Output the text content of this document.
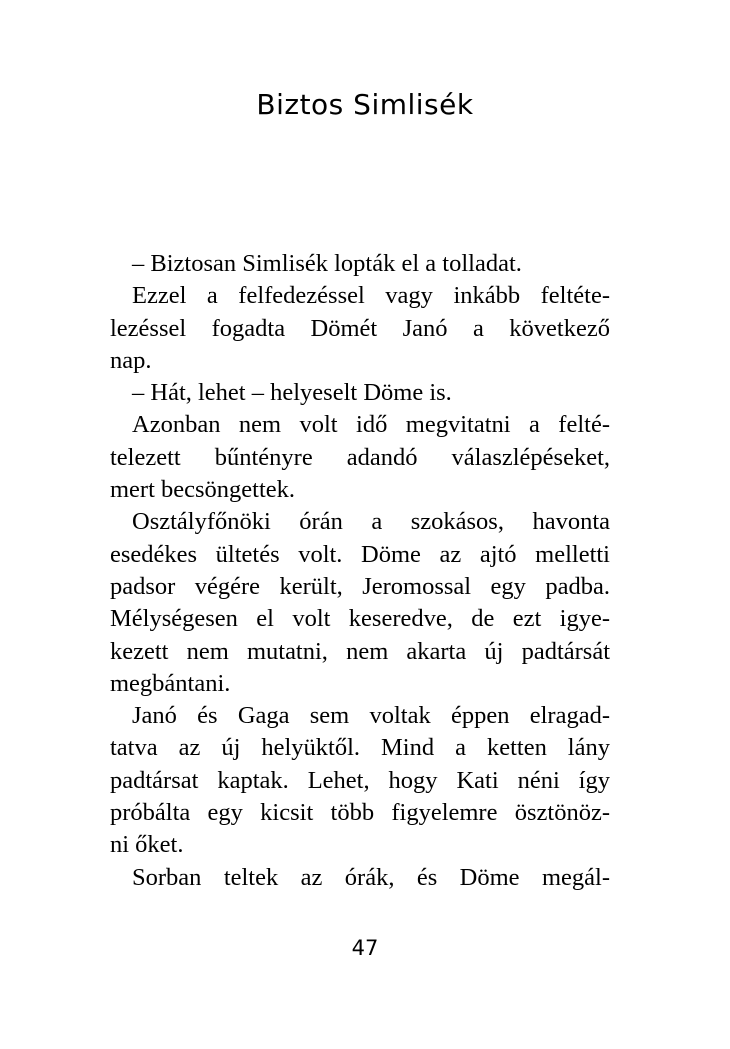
Biztos Simlisék
– Biztosan Simlisék lopták el a tolladat.
Ezzel a felfedezéssel vagy inkább feltéte-
lezéssel fogadta Dömét Janó a következő
nap.
– Hát, lehet – helyeselt Döme is.
Azonban nem volt idő megvitatni a felté-
telezett bűntényre adandó válaszlépéseket,
mert becsöngettek.
Osztályfőnöki órán a szokásos, havonta
esedékes ültetés volt. Döme az ajtó melletti
padsor végére került, Jeromossal egy padba.
Mélységesen el volt keseredve, de ezt igye-
kezett nem mutatni, nem akarta új padtársát
megbántani.
Janó és Gaga sem voltak éppen elragad-
tatva az új helyüktől. Mind a ketten lány
padtársat kaptak. Lehet, hogy Kati néni így
próbálta egy kicsit több figyelemre ösztönöz-
ni őket.
Sorban teltek az órák, és Döme megál-
47
